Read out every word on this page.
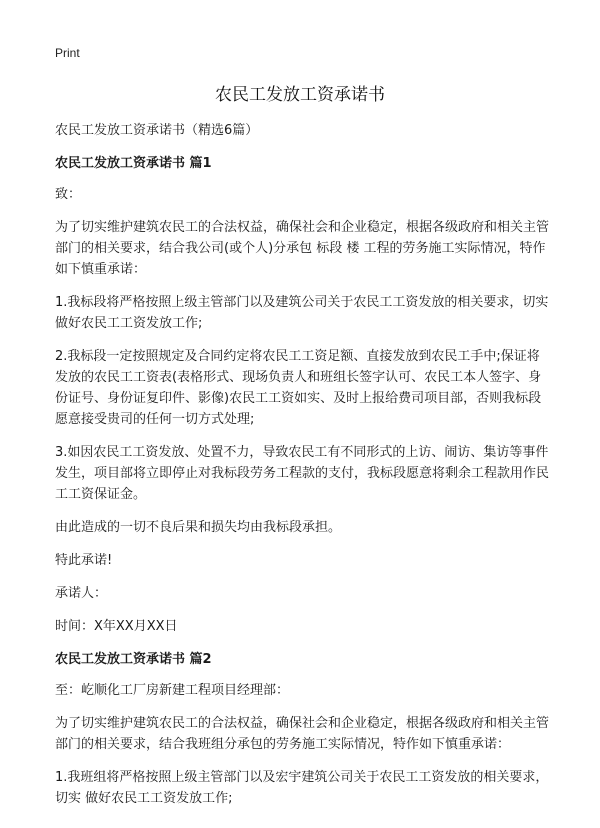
Print
农民工发放工资承诺书

农民工发放工资承诺书（精选6篇）

农民工发放工资承诺书 篇1

致：

为了切实维护建筑农民工的合法权益，确保社会和企业稳定，根据各级政府和相关主管部门的相关要求，结合我公司(或个人)分承包 标段 楼 工程的劳务施工实际情况，特作如下慎重承诺：

1.我标段将严格按照上级主管部门以及建筑公司关于农民工工资发放的相关要求，切实做好农民工工资发放工作;

2.我标段一定按照规定及合同约定将农民工工资足额、直接发放到农民工手中;保证将发放的农民工工资表(表格形式、现场负责人和班组长签字认可、农民工本人签字、身份证号、身份证复印件、影像)农民工工资如实、及时上报给费司项目部，否则我标段愿意接受贵司的任何一切方式处理;

3.如因农民工工资发放、处置不力，导致农民工有不同形式的上访、闹访、集访等事件发生，项目部将立即停止对我标段劳务工程款的支付，我标段愿意将剩余工程款用作民工工资保证金。

由此造成的一切不良后果和损失均由我标段承担。

特此承诺!

承诺人：

时间：X年XX月XX日

农民工发放工资承诺书 篇2

至：屹顺化工厂房新建工程项目经理部：

为了切实维护建筑农民工的合法权益，确保社会和企业稳定，根据各级政府和相关主管部门的相关要求，结合我班组分承包的劳务施工实际情况，特作如下慎重承诺：

1.我班组将严格按照上级主管部门以及宏宇建筑公司关于农民工工资发放的相关要求，切实 做好农民工工资发放工作;
